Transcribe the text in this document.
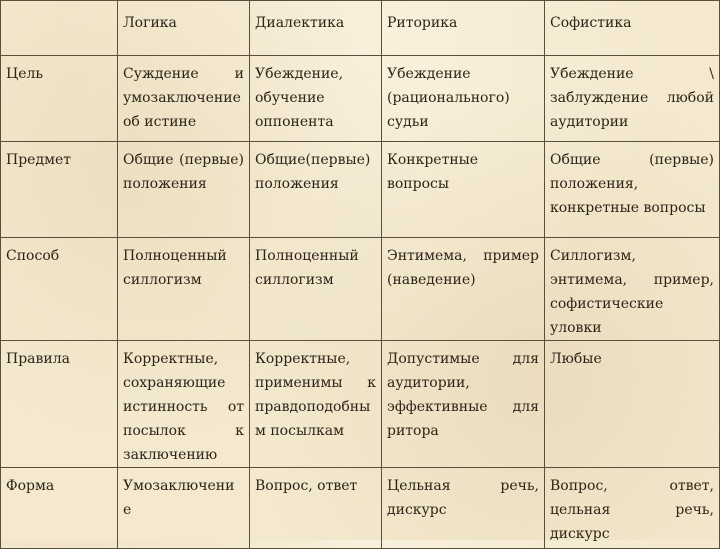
	Логика	Диалектика	Риторика	Софистика
Цель	Суждение и умозаключение об истине	Убеждение, обучение оппонента	Убеждение (рационального) судьи	Убеждение \ заблуждение любой аудитории
Предмет	Общие (первые) положения	Общие(первые) положения	Конкретные вопросы	Общие (первые) положения, конкретные вопросы
Способ	Полноценный силлогизм	Полноценный силлогизм	Энтимема, пример (наведение)	Силлогизм, энтимема, пример, софистические уловки
Правила	Корректные, сохраняющие истинность от посылок к заключению	Корректные, применимы к правдоподобны м посылкам	Допустимые для аудитории, эффективные для ритора	Любые
Форма	Умозаключени е	Вопрос, ответ	Цельная речь, дискурс	Вопрос, ответ, цельная речь, дискурс
